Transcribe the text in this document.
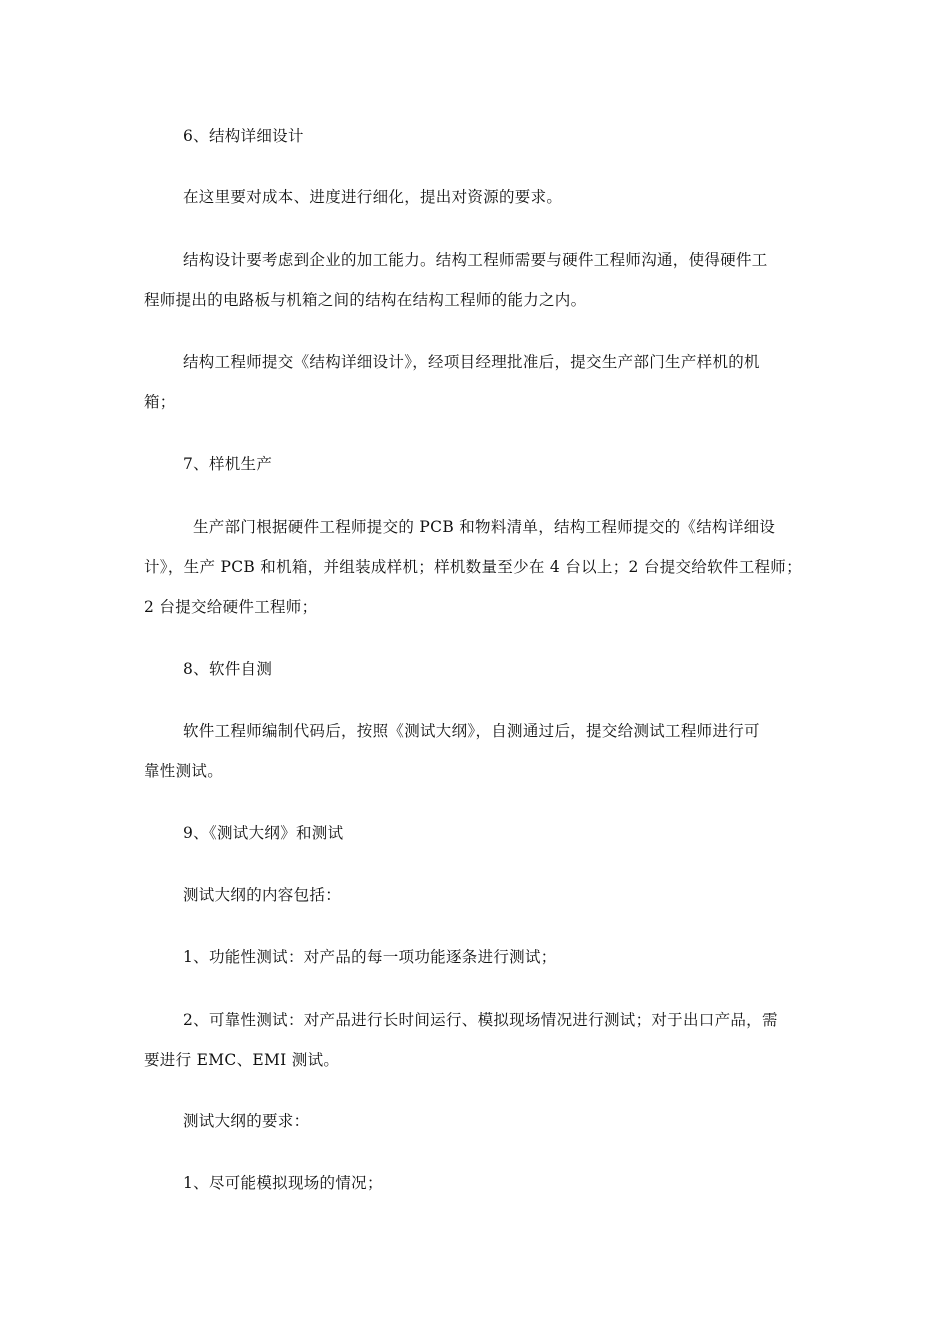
6、结构详细设计
在这里要对成本、进度进行细化，提出对资源的要求。
结构设计要考虑到企业的加工能力。结构工程师需要与硬件工程师沟通，使得硬件工
程师提出的电路板与机箱之间的结构在结构工程师的能力之内。
结构工程师提交《结构详细设计》，经项目经理批准后，提交生产部门生产样机的机
箱；
7、样机生产
生产部门根据硬件工程师提交的 PCB 和物料清单，结构工程师提交的《结构详细设
计》，生产 PCB 和机箱，并组装成样机；样机数量至少在 4 台以上；2 台提交给软件工程师；
2 台提交给硬件工程师；
8、软件自测
软件工程师编制代码后，按照《测试大纲》，自测通过后，提交给测试工程师进行可
靠性测试。
9、《测试大纲》和测试
测试大纲的内容包括：
1、功能性测试：对产品的每一项功能逐条进行测试；
2、可靠性测试：对产品进行长时间运行、模拟现场情况进行测试；对于出口产品，需
要进行 EMC、EMI 测试。
测试大纲的要求：
1、尽可能模拟现场的情况；
